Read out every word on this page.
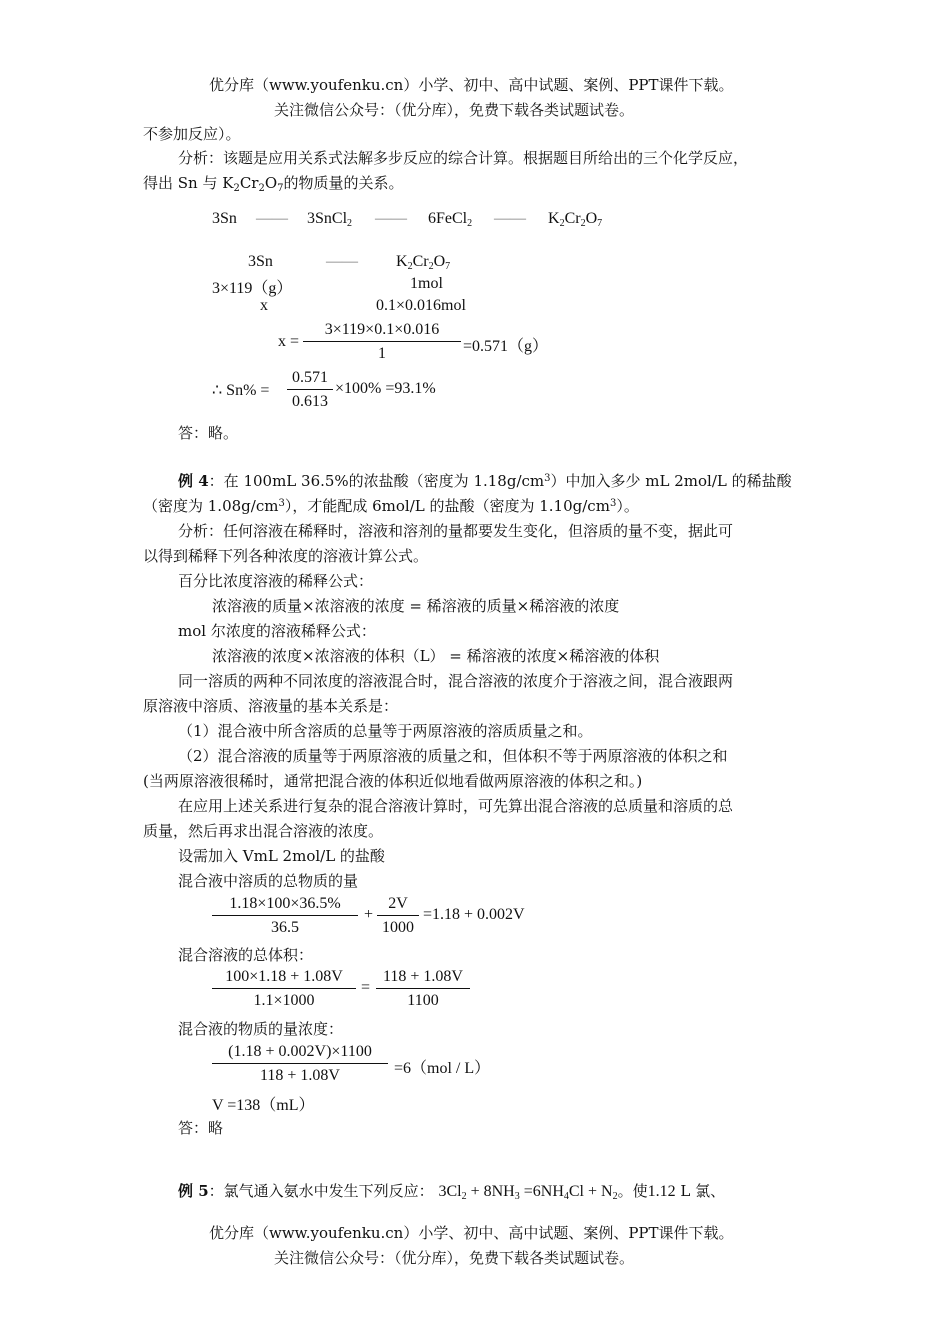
优分库（www.youfenku.cn）小学、初中、高中试题、案例、PPT课件下载。
关注微信公众号：（优分库），免费下载各类试题试卷。
不参加反应）。
分析：该题是应用关系式法解多步反应的综合计算。根据题目所给出的三个化学反应，
得出 Sn 与 $K_2Cr_2O_7$的物质量的关系。
3Sn —— 3SnCl$_2$ —— 6FeCl$_2$ —— $K_2Cr_2O_7$
3Sn	—— $K_2Cr_2O_7$
3×119（g）	1mol
x	0.1×0.016mol
$x = \frac{3\times 119\times 0.1\times 0.016}{1} =0.571(g)$
∴ $Sn\% = \frac{0.571}{0.613} \times 100\% =93.1\%$
答：略。
例 4：在 100mL 36.5%的浓盐酸（密度为 $1.18g/cm^3$）中加入多少 mL 2mol/L 的稀盐酸
（密度为 $1.08g/cm^3$），才能配成 6mol/L 的盐酸（密度为 $1.10g/cm^3$）。
分析：任何溶液在稀释时，溶液和溶剂的量都要发生变化，但溶质的量不变，据此可
以得到稀释下列各种浓度的溶液计算公式。
百分比浓度溶液的稀释公式：
浓溶液的质量×浓溶液的浓度 = 稀溶液的质量×稀溶液的浓度
mol 尔浓度的溶液稀释公式：
浓溶液的浓度×浓溶液的体积（L） = 稀溶液的浓度×稀溶液的体积
同一溶质的两种不同浓度的溶液混合时，混合溶液的浓度介于溶液之间，混合液跟两
原溶液中溶质、溶液量的基本关系是：
（1）混合液中所含溶质的总量等于两原溶液的溶质质量之和。
（2）混合溶液的质量等于两原溶液的质量之和，但体积不等于两原溶液的体积之和
(当两原溶液很稀时，通常把混合液的体积近似地看做两原溶液的体积之和。)
在应用上述关系进行复杂的混合溶液计算时，可先算出混合溶液的总质量和溶质的总
质量，然后再求出混合溶液的浓度。
设需加入 VmL 2mol/L 的盐酸
混合液中溶质的总物质的量
$\frac{1.18\times 100\times 36.5\%}{36.5} + \frac{2V}{1000} =1.18 + 0.002V$
混合溶液的总体积：
$\frac{100\times 1.18 + 1.08V}{1.1\times 1000} = \frac{118 + 1.08V}{1100}$
混合液的物质的量浓度：
$\frac{(1.18 + 0.002V)\times 1100}{118 + 1.08V} =6(mol / L)$
V =138（mL）
答：略
例 5：氯气通入氨水中发生下列反应： $3Cl_2 + 8NH_3 =6NH_4Cl + N_2$。使1.12 L 氯、
优分库（www.youfenku.cn）小学、初中、高中试题、案例、PPT课件下载。
关注微信公众号：（优分库），免费下载各类试题试卷。
